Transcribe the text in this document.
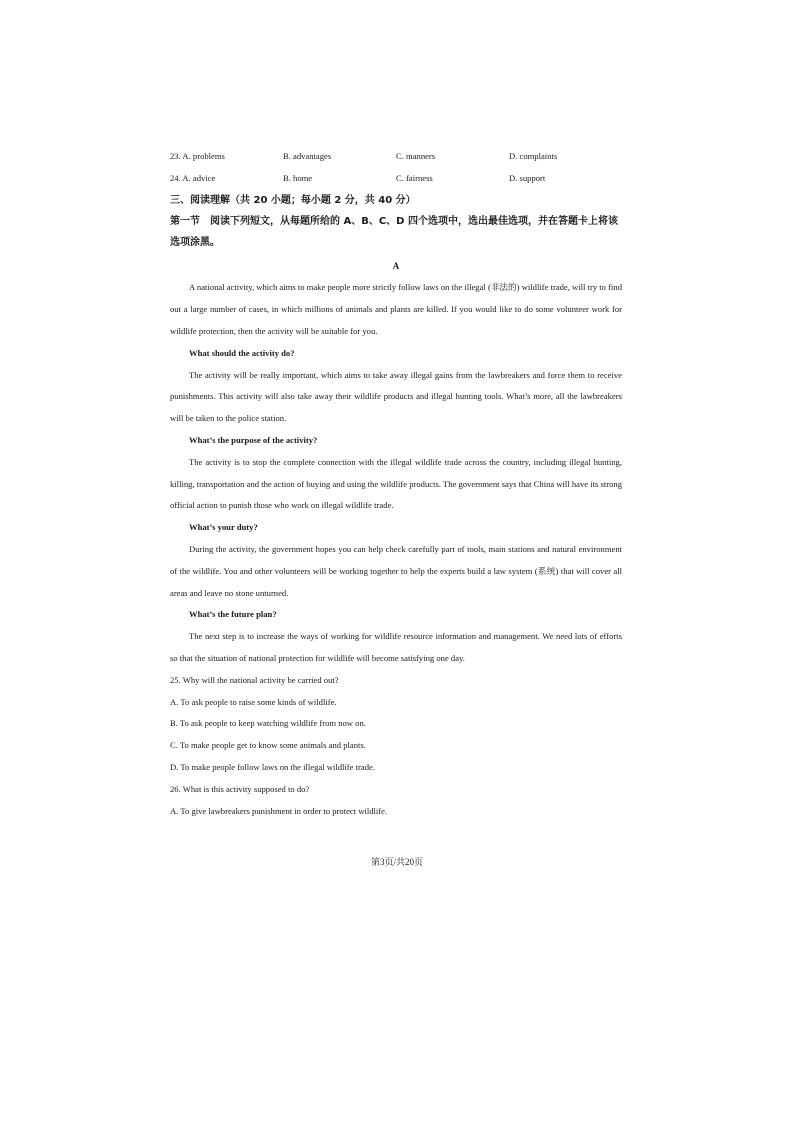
23. A. problems	B. advantages	C. manners	D. complaints
24. A. advice	B. home	C. fairness	D. support

三、阅读理解（共 20 小题；每小题 2 分，共 40 分）

第一节　阅读下列短文，从每题所给的 A、B、C、D 四个选项中，选出最佳选项，并在答题卡上将该选项涂黑。

A

A national activity, which aims to make people more strictly follow laws on the illegal (非法的) wildlife trade, will try to find out a large number of cases, in which millions of animals and plants are killed. If you would like to do some volunteer work for wildlife protection, then the activity will be suitable for you.

What should the activity do?

The activity will be really important, which aims to take away illegal gains from the lawbreakers and force them to receive punishments. This activity will also take away their wildlife products and illegal hunting tools. What’s more, all the lawbreakers will be taken to the police station.

What’s the purpose of the activity?

The activity is to stop the complete connection with the illegal wildlife trade across the country, including illegal hunting, killing, transportation and the action of buying and using the wildlife products. The government says that China will have its strong official action to punish those who work on illegal wildlife trade.

What’s your duty?

During the activity, the government hopes you can help check carefully part of tools, main stations and natural environment of the wildlife. You and other volunteers will be working together to help the experts build a law system (系统) that will cover all areas and leave no stone unturned.

What’s the future plan?

The next step is to increase the ways of working for wildlife resource information and management. We need lots of efforts so that the situation of national protection for wildlife will become satisfying one day.

25. Why will the national activity be carried out?

A. To ask people to raise some kinds of wildlife.

B. To ask people to keep watching wildlife from now on.

C. To make people get to know some animals and plants.

D. To make people follow laws on the illegal wildlife trade.

26. What is this activity supposed to do?

A. To give lawbreakers punishment in order to protect wildlife.

第3页/共20页
